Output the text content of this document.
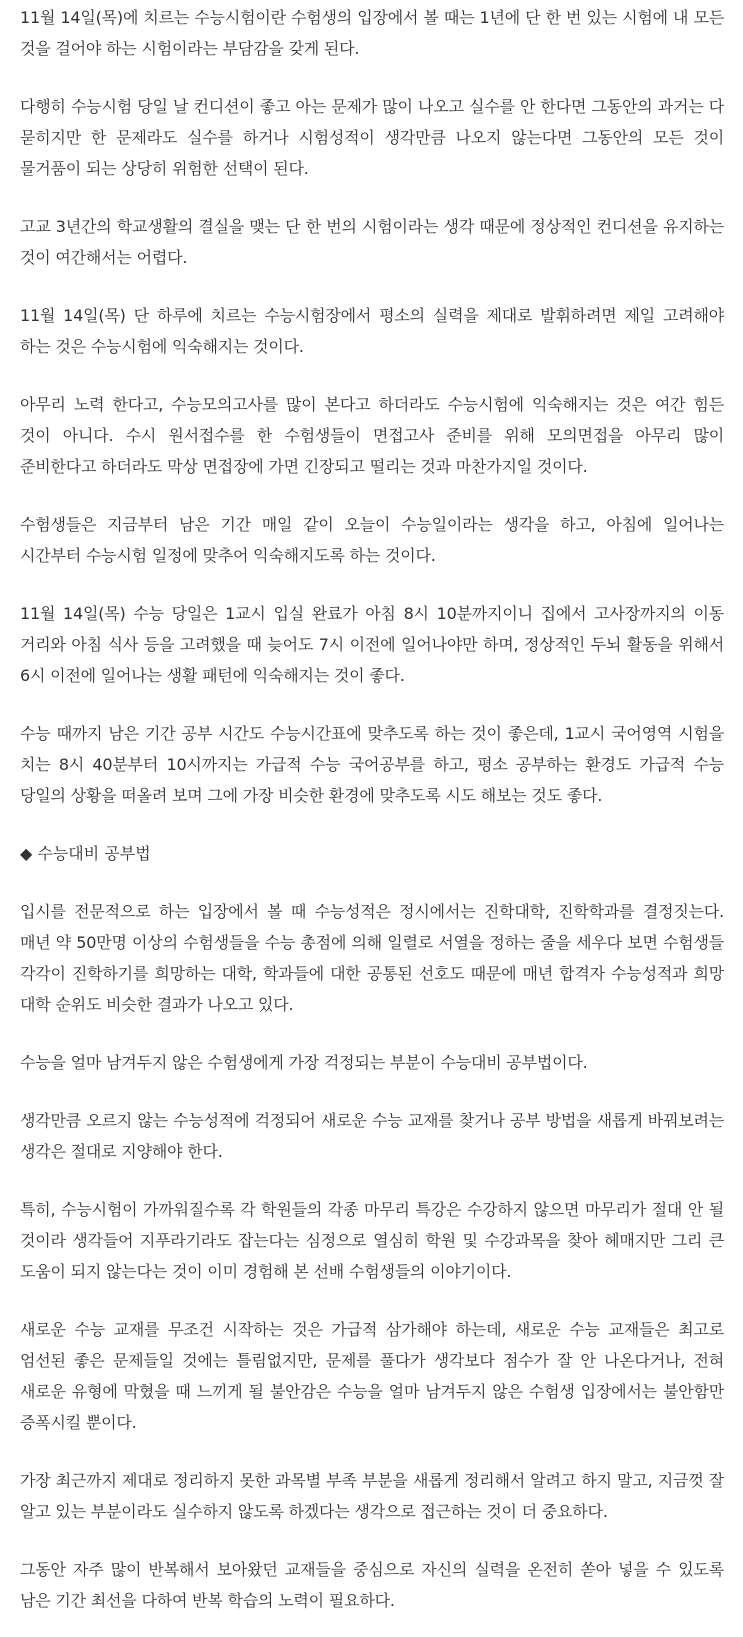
11월 14일(목)에 치르는 수능시험이란 수험생의 입장에서 볼 때는 1년에 단 한 번 있는 시험에 내 모든 것을 걸어야 하는 시험이라는 부담감을 갖게 된다.

다행히 수능시험 당일 날 컨디션이 좋고 아는 문제가 많이 나오고 실수를 안 한다면 그동안의 과거는 다 묻히지만 한 문제라도 실수를 하거나 시험성적이 생각만큼 나오지 않는다면 그동안의 모든 것이 물거품이 되는 상당히 위험한 선택이 된다.

고교 3년간의 학교생활의 결실을 맺는 단 한 번의 시험이라는 생각 때문에 정상적인 컨디션을 유지하는 것이 여간해서는 어렵다.

11월 14일(목) 단 하루에 치르는 수능시험장에서 평소의 실력을 제대로 발휘하려면 제일 고려해야 하는 것은 수능시험에 익숙해지는 것이다.

아무리 노력 한다고, 수능모의고사를 많이 본다고 하더라도 수능시험에 익숙해지는 것은 여간 힘든 것이 아니다. 수시 원서접수를 한 수험생들이 면접고사 준비를 위해 모의면접을 아무리 많이 준비한다고 하더라도 막상 면접장에 가면 긴장되고 떨리는 것과 마찬가지일 것이다.

수험생들은 지금부터 남은 기간 매일 같이 오늘이 수능일이라는 생각을 하고, 아침에 일어나는 시간부터 수능시험 일정에 맞추어 익숙해지도록 하는 것이다.

11월 14일(목) 수능 당일은 1교시 입실 완료가 아침 8시 10분까지이니 집에서 고사장까지의 이동 거리와 아침 식사 등을 고려했을 때 늦어도 7시 이전에 일어나야만 하며, 정상적인 두뇌 활동을 위해서 6시 이전에 일어나는 생활 패턴에 익숙해지는 것이 좋다.

수능 때까지 남은 기간 공부 시간도 수능시간표에 맞추도록 하는 것이 좋은데, 1교시 국어영역 시험을 치는 8시 40분부터 10시까지는 가급적 수능 국어공부를 하고, 평소 공부하는 환경도 가급적 수능 당일의 상황을 떠올려 보며 그에 가장 비슷한 환경에 맞추도록 시도 해보는 것도 좋다.

◆ 수능대비 공부법

입시를 전문적으로 하는 입장에서 볼 때 수능성적은 정시에서는 진학대학, 진학학과를 결정짓는다. 매년 약 50만명 이상의 수험생들을 수능 총점에 의해 일렬로 서열을 정하는 줄을 세우다 보면 수험생들 각각이 진학하기를 희망하는 대학, 학과들에 대한 공통된 선호도 때문에 매년 합격자 수능성적과 희망 대학 순위도 비슷한 결과가 나오고 있다.

수능을 얼마 남겨두지 않은 수험생에게 가장 걱정되는 부분이 수능대비 공부법이다.

생각만큼 오르지 않는 수능성적에 걱정되어 새로운 수능 교재를 찾거나 공부 방법을 새롭게 바꿔보려는 생각은 절대로 지양해야 한다.

특히, 수능시험이 가까워질수록 각 학원들의 각종 마무리 특강은 수강하지 않으면 마무리가 절대 안 될 것이라 생각들어 지푸라기라도 잡는다는 심정으로 열심히 학원 및 수강과목을 찾아 헤매지만 그리 큰 도움이 되지 않는다는 것이 이미 경험해 본 선배 수험생들의 이야기이다.

새로운 수능 교재를 무조건 시작하는 것은 가급적 삼가해야 하는데, 새로운 수능 교재들은 최고로 엄선된 좋은 문제들일 것에는 틀림없지만, 문제를 풀다가 생각보다 점수가 잘 안 나온다거나, 전혀 새로운 유형에 막혔을 때 느끼게 될 불안감은 수능을 얼마 남겨두지 않은 수험생 입장에서는 불안함만 증폭시킬 뿐이다.

가장 최근까지 제대로 정리하지 못한 과목별 부족 부분을 새롭게 정리해서 알려고 하지 말고, 지금껏 잘 알고 있는 부분이라도 실수하지 않도록 하겠다는 생각으로 접근하는 것이 더 중요하다.

그동안 자주 많이 반복해서 보아왔던 교재들을 중심으로 자신의 실력을 온전히 쏟아 넣을 수 있도록 남은 기간 최선을 다하여 반복 학습의 노력이 필요하다.
